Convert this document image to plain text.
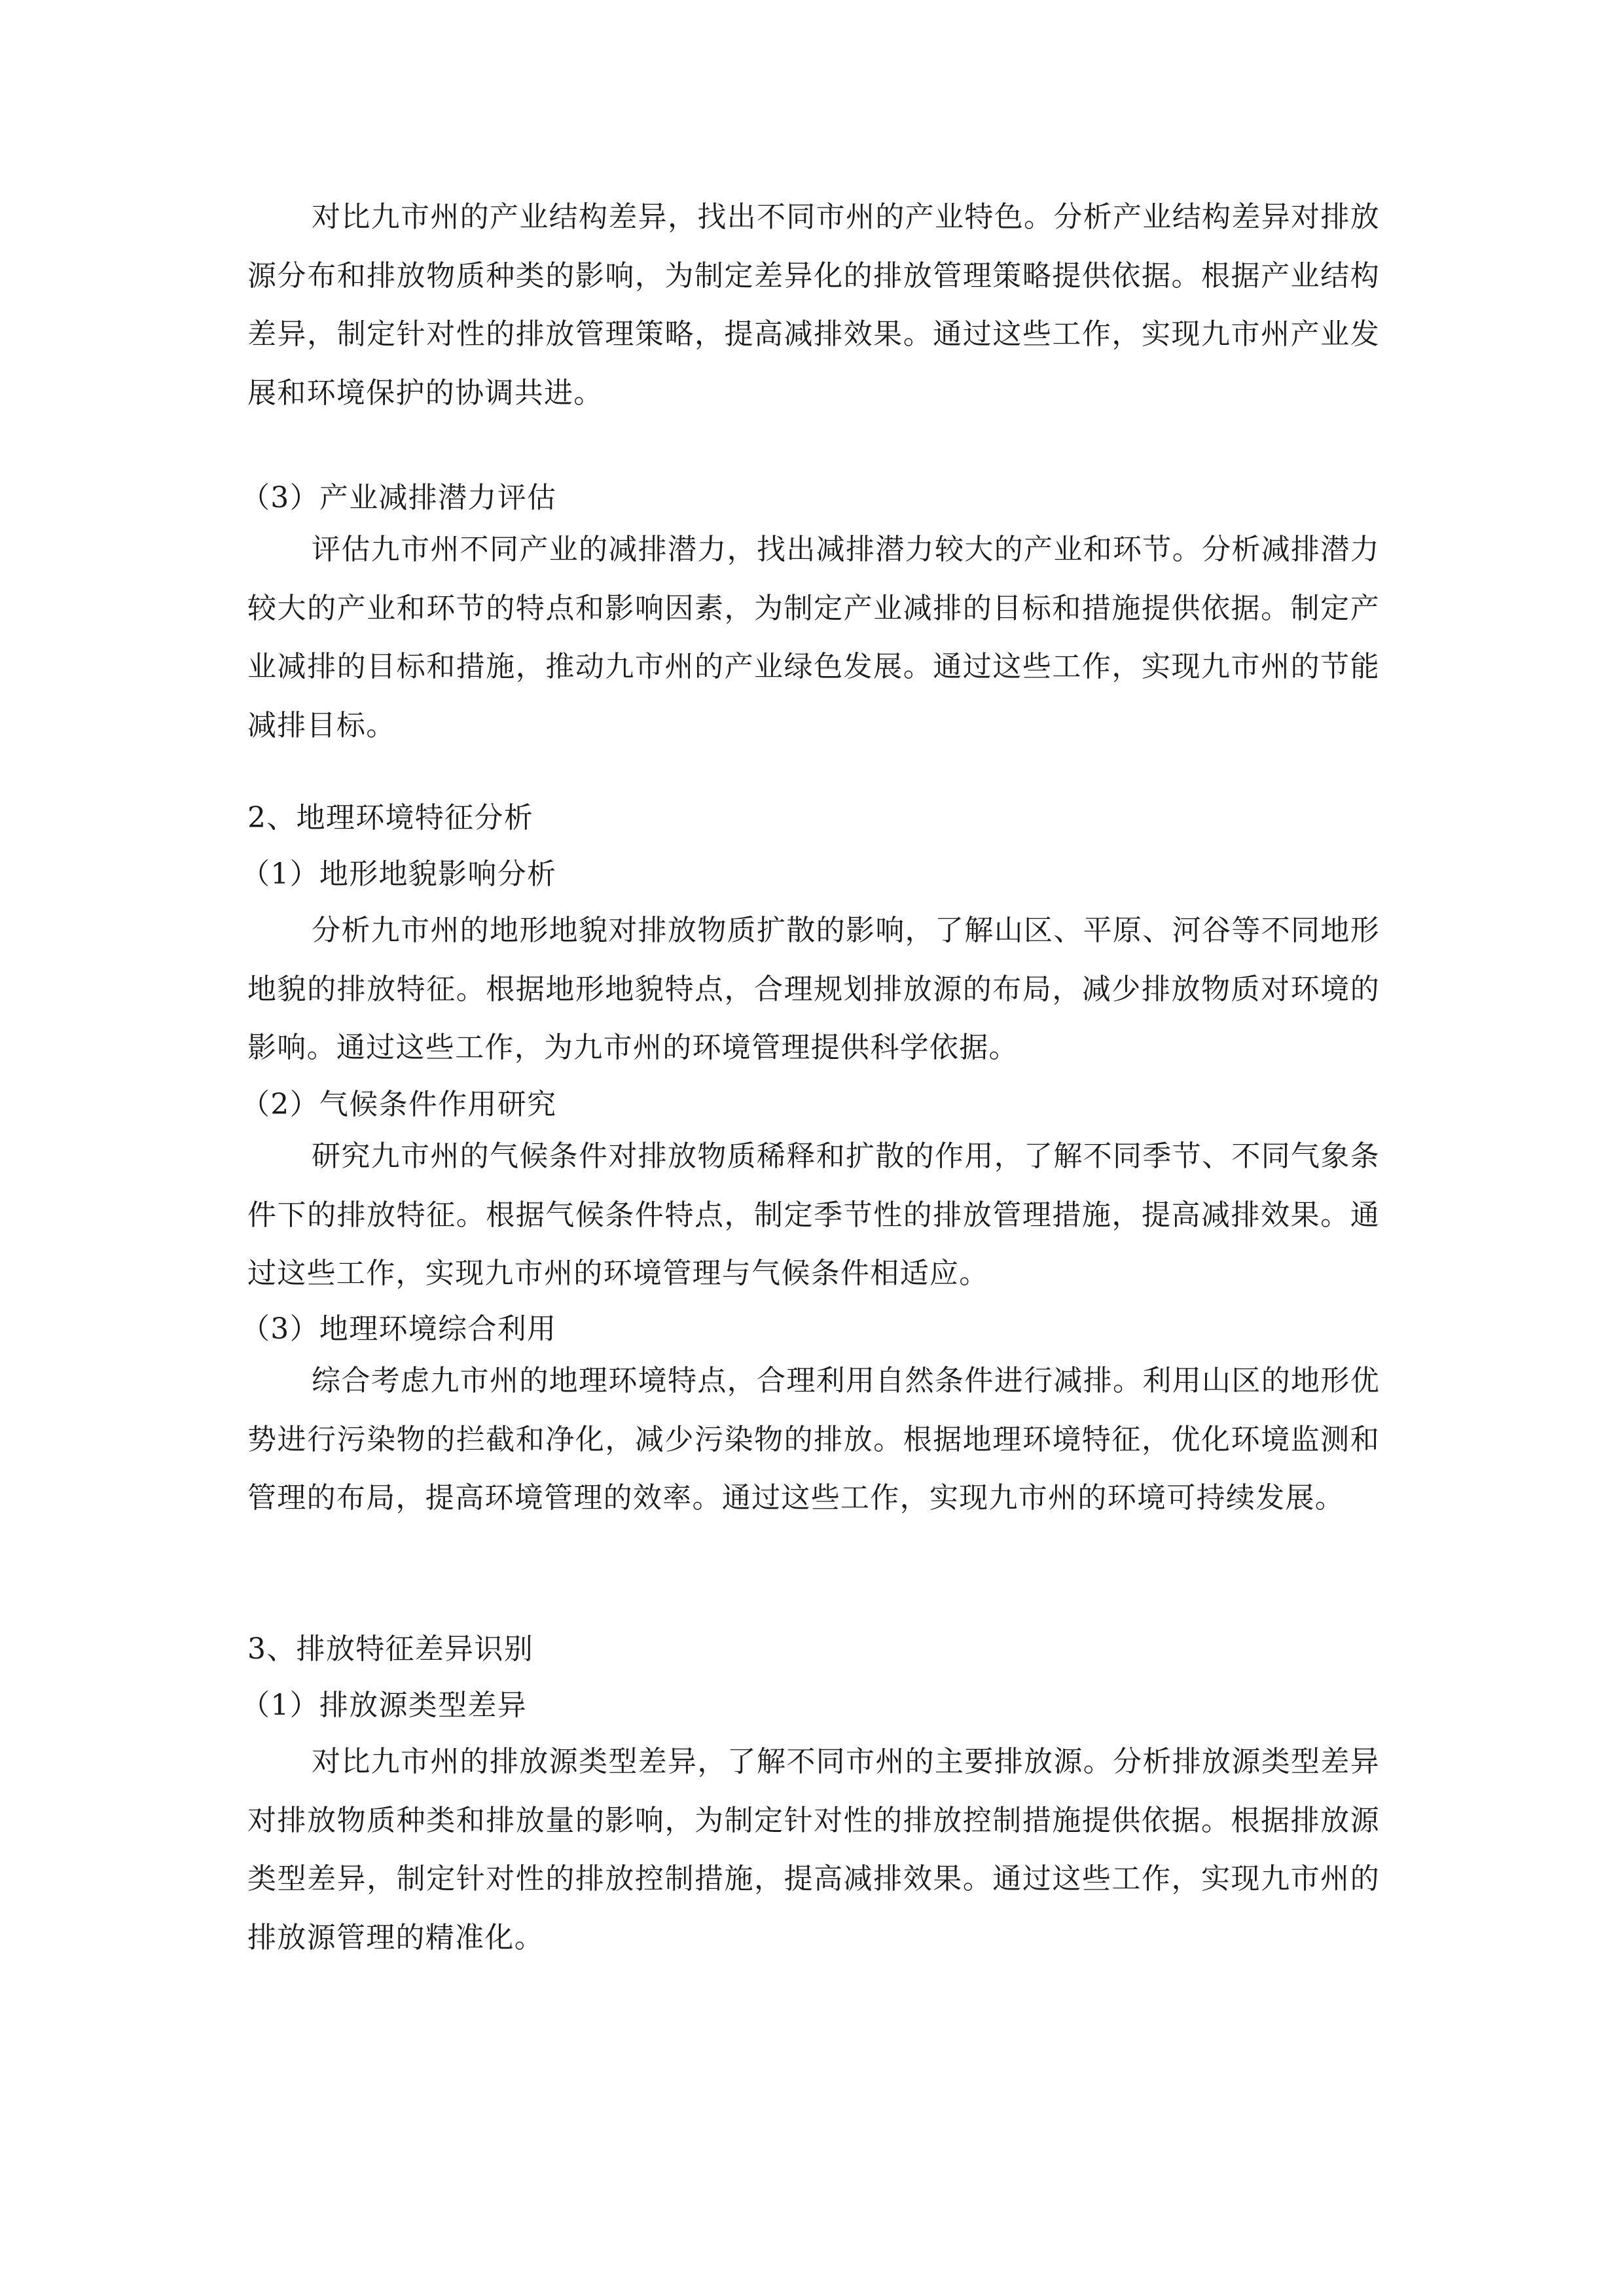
对比九市州的产业结构差异，找出不同市州的产业特色。分析产业结构差异对排放源分布和排放物质种类的影响，为制定差异化的排放管理策略提供依据。根据产业结构差异，制定针对性的排放管理策略，提高减排效果。通过这些工作，实现九市州产业发展和环境保护的协调共进。

（3）产业减排潜力评估

评估九市州不同产业的减排潜力，找出减排潜力较大的产业和环节。分析减排潜力较大的产业和环节的特点和影响因素，为制定产业减排的目标和措施提供依据。制定产业减排的目标和措施，推动九市州的产业绿色发展。通过这些工作，实现九市州的节能减排目标。

2、地理环境特征分析
（1）地形地貌影响分析

分析九市州的地形地貌对排放物质扩散的影响，了解山区、平原、河谷等不同地形地貌的排放特征。根据地形地貌特点，合理规划排放源的布局，减少排放物质对环境的影响。通过这些工作，为九市州的环境管理提供科学依据。

（2）气候条件作用研究

研究九市州的气候条件对排放物质稀释和扩散的作用，了解不同季节、不同气象条件下的排放特征。根据气候条件特点，制定季节性的排放管理措施，提高减排效果。通过这些工作，实现九市州的环境管理与气候条件相适应。

（3）地理环境综合利用

综合考虑九市州的地理环境特点，合理利用自然条件进行减排。利用山区的地形优势进行污染物的拦截和净化，减少污染物的排放。根据地理环境特征，优化环境监测和管理的布局，提高环境管理的效率。通过这些工作，实现九市州的环境可持续发展。

3、排放特征差异识别
（1）排放源类型差异

对比九市州的排放源类型差异，了解不同市州的主要排放源。分析排放源类型差异对排放物质种类和排放量的影响，为制定针对性的排放控制措施提供依据。根据排放源类型差异，制定针对性的排放控制措施，提高减排效果。通过这些工作，实现九市州的排放源管理的精准化。
